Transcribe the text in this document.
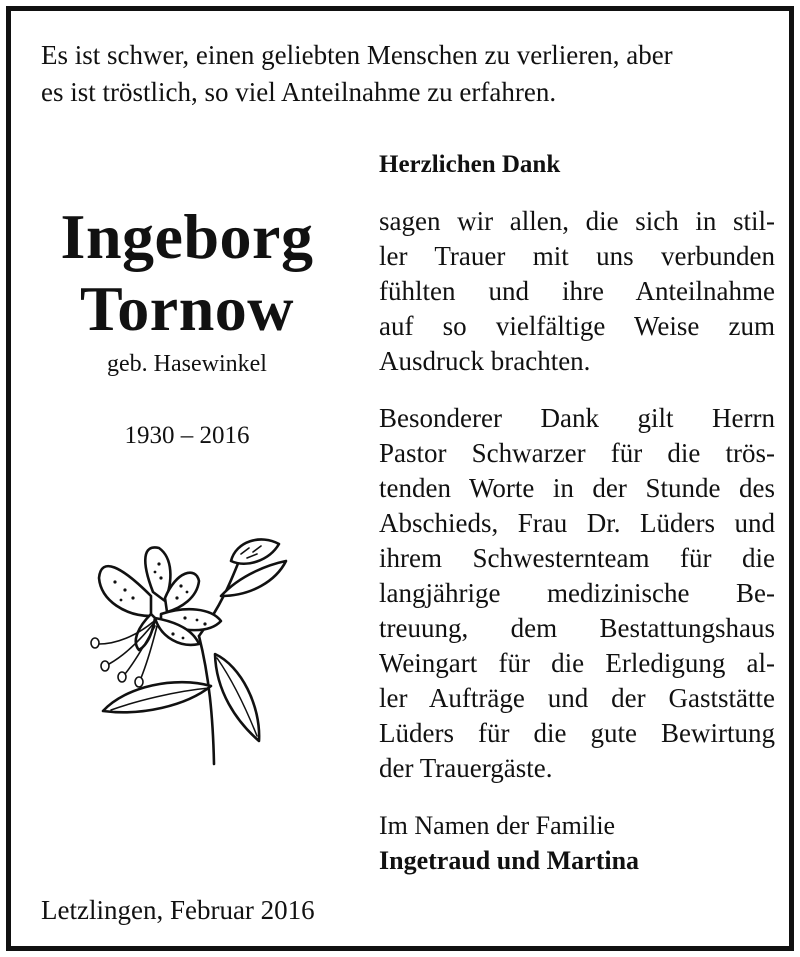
Es ist schwer, einen geliebten Menschen zu verlieren, aber
es ist tröstlich, so viel Anteilnahme zu erfahren.
Ingeborg
Tornow
geb. Hasewinkel
1930 – 2016
Herzlichen Dank
sagen wir allen, die sich in stil-
ler Trauer mit uns verbunden
fühlten und ihre Anteilnahme
auf so vielfältige Weise zum
Ausdruck brachten.
Besonderer Dank gilt Herrn
Pastor Schwarzer für die trös-
tenden Worte in der Stunde des
Abschieds, Frau Dr. Lüders und
ihrem Schwesternteam für die
langjährige medizinische Be-
treuung, dem Bestattungshaus
Weingart für die Erledigung al-
ler Aufträge und der Gaststätte
Lüders für die gute Bewirtung
der Trauergäste.
Im Namen der Familie
Ingetraud und Martina
Letzlingen, Februar 2016
